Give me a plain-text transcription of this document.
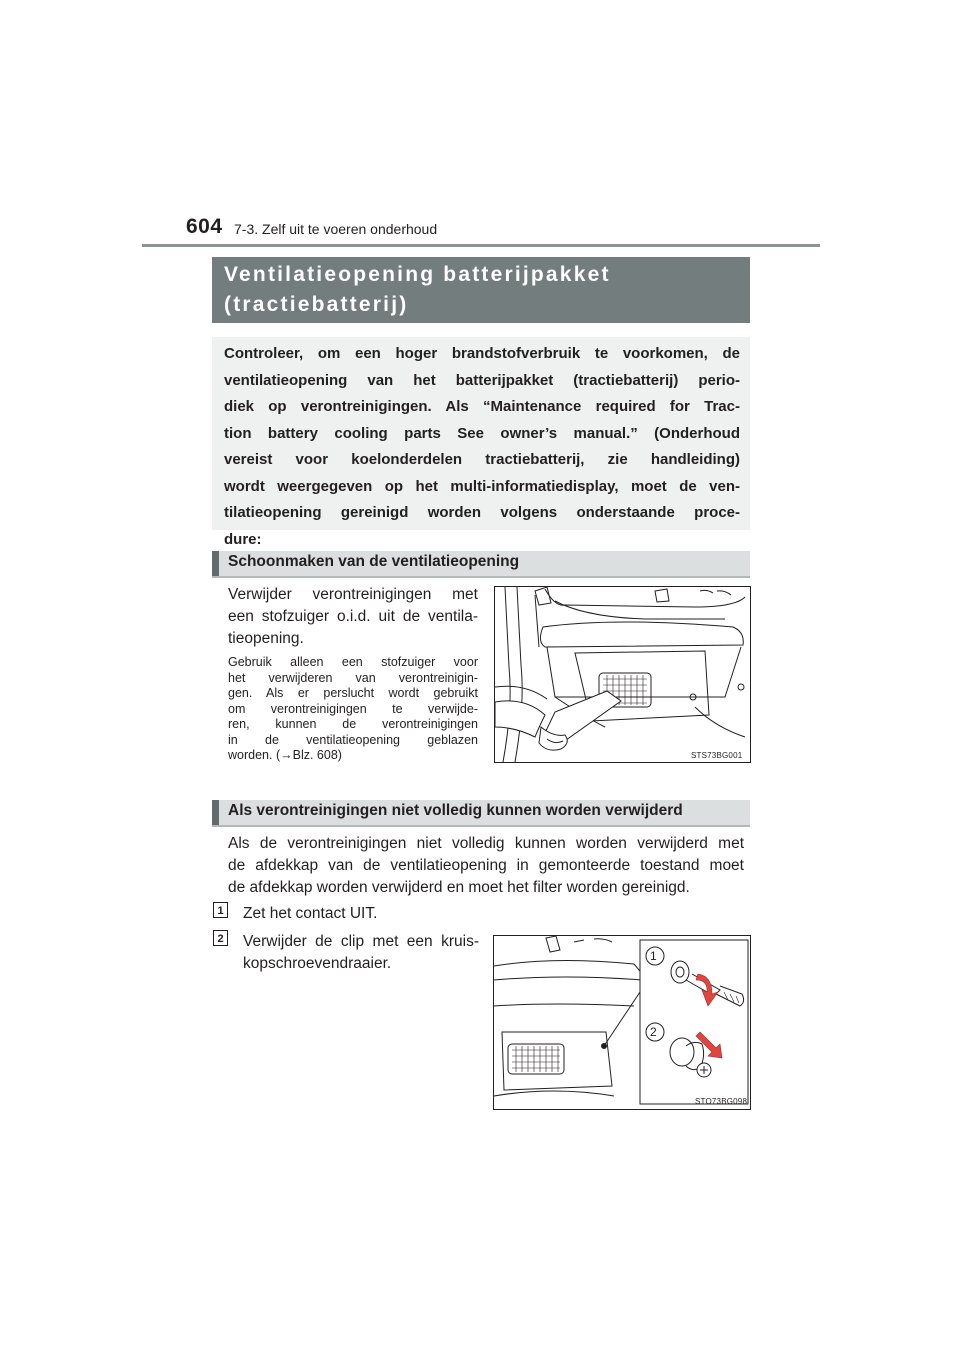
604 7-3. Zelf uit te voeren onderhoud
Ventilatieopening batterijpakket
(tractiebatterij)
Controleer, om een hoger brandstofverbruik te voorkomen, de
ventilatieopening van het batterijpakket (tractiebatterij) perio-
diek op verontreinigingen. Als “Maintenance required for Trac-
tion battery cooling parts See owner’s manual.” (Onderhoud
vereist voor koelonderdelen tractiebatterij, zie handleiding)
wordt weergegeven op het multi-informatiedisplay, moet de ven-
tilatieopening gereinigd worden volgens onderstaande proce-
dure:
Schoonmaken van de ventilatieopening
Verwijder verontreinigingen met
een stofzuiger o.i.d. uit de ventila-
tieopening.
Gebruik alleen een stofzuiger voor
het verwijderen van verontreinigin-
gen. Als er perslucht wordt gebruikt
om verontreinigingen te verwijde-
ren, kunnen de verontreinigingen
in de ventilatieopening geblazen
worden. (→Blz. 608)	STS73BG001
Als verontreinigingen niet volledig kunnen worden verwijderd
Als de verontreinigingen niet volledig kunnen worden verwijderd met
de afdekkap van de ventilatieopening in gemonteerde toestand moet
de afdekkap worden verwijderd en moet het filter worden gereinigd.
1 Zet het contact UIT.
2 Verwijder de clip met een kruis-
kopschroevendraaier.	1
2
STO73BG098
